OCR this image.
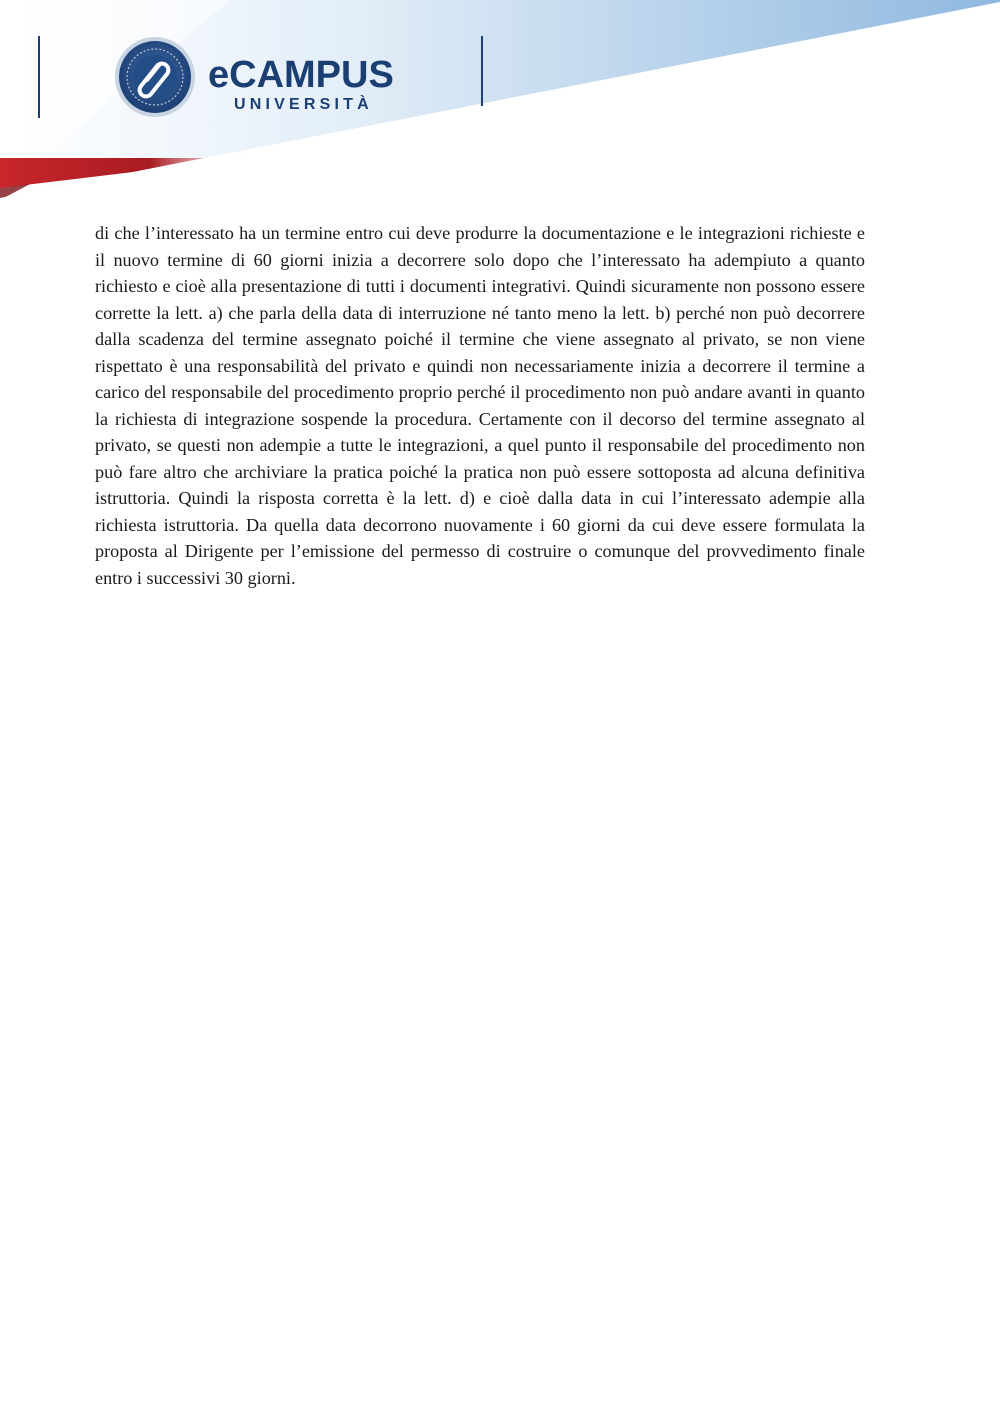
eCAMPUS
UNIVERSITÀ

di che l’interessato ha un termine entro cui deve produrre la documentazione e le integrazioni richieste e il nuovo termine di 60 giorni inizia a decorrere solo dopo che l’interessato ha adempiuto a quanto richiesto e cioè alla presentazione di tutti i documenti integrativi. Quindi sicuramente non possono essere corrette la lett. a) che parla della data di interruzione né tanto meno la lett. b) perché non può decorrere dalla scadenza del termine assegnato poiché il termine che viene assegnato al privato, se non viene rispettato è una responsabilità del privato e quindi non necessariamente inizia a decorrere il termine a carico del responsabile del procedimento proprio perché il procedimento non può andare avanti in quanto la richiesta di integrazione sospende la procedura. Certamente con il decorso del termine assegnato al privato, se questi non adempie a tutte le integrazioni, a quel punto il responsabile del procedimento non può fare altro che archiviare la pratica poiché la pratica non può essere sottoposta ad alcuna definitiva istruttoria. Quindi la risposta corretta è la lett. d) e cioè dalla data in cui l’interessato adempie alla richiesta istruttoria. Da quella data decorrono nuovamente i 60 giorni da cui deve essere formulata la proposta al Dirigente per l’emissione del permesso di costruire o comunque del provvedimento finale entro i successivi 30 giorni.
